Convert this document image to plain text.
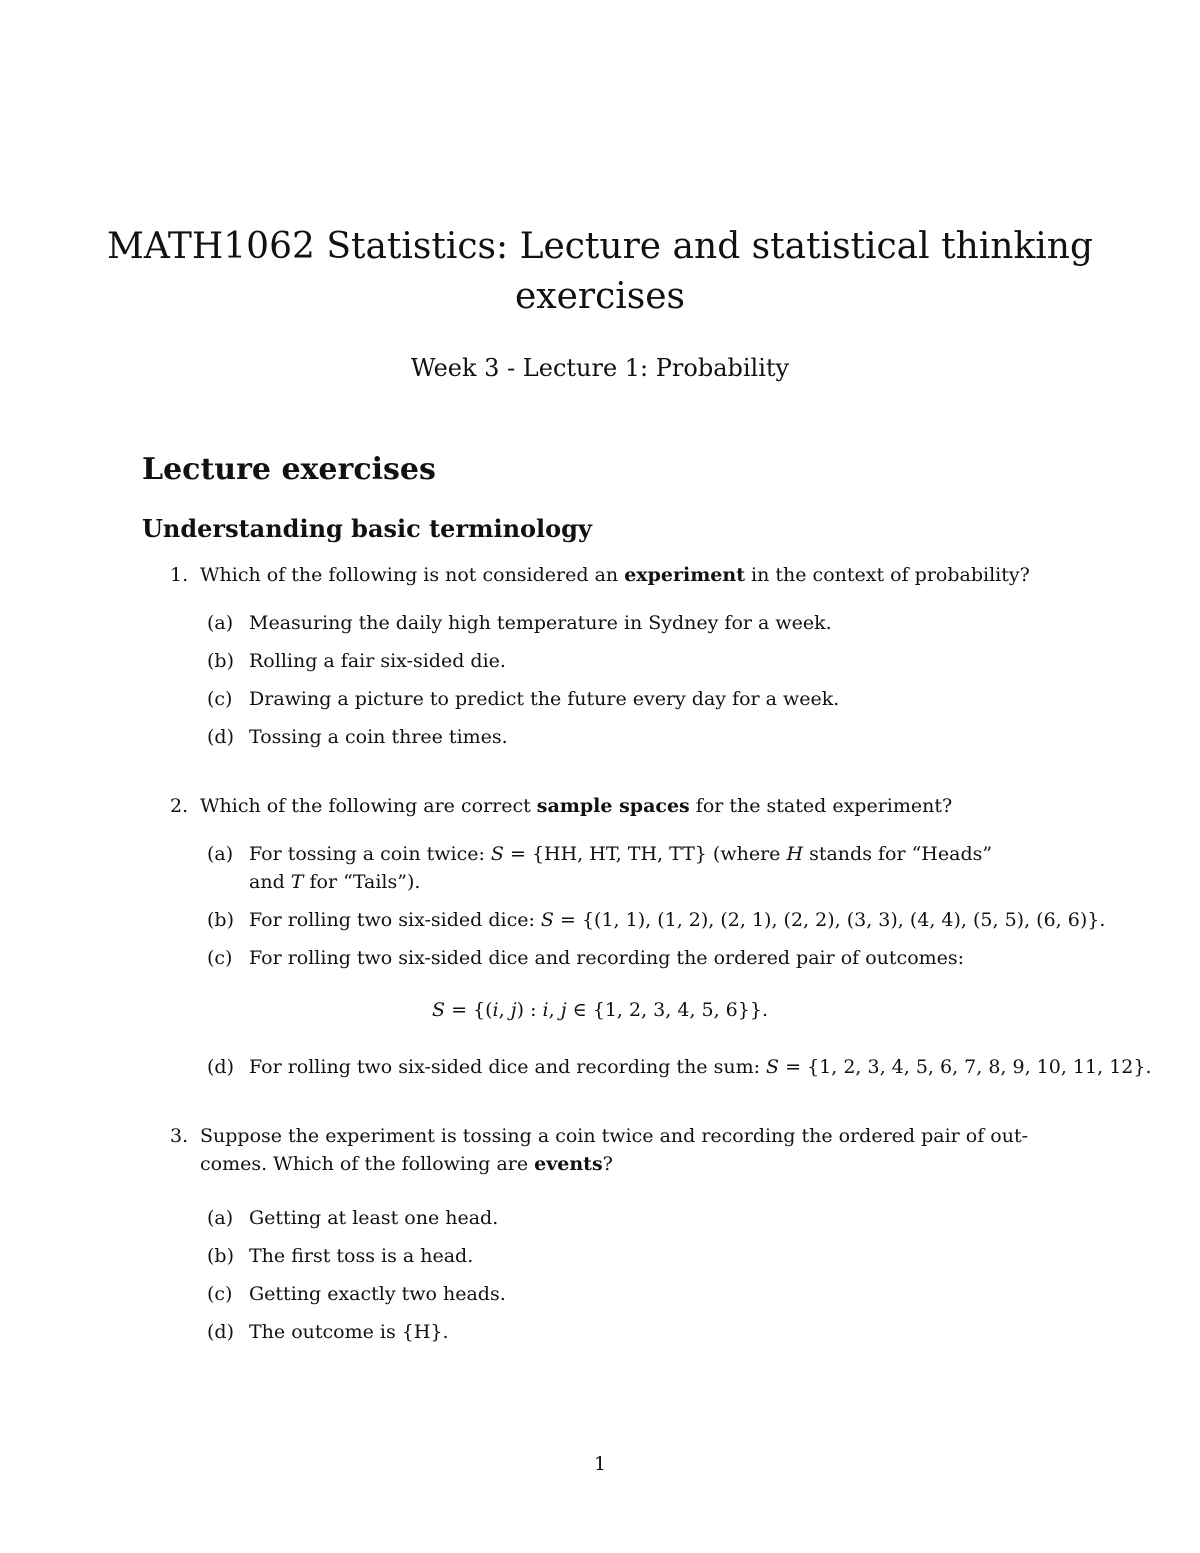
MATH1062 Statistics: Lecture and statistical thinking
exercises
Week 3 - Lecture 1: Probability
Lecture exercises
Understanding basic terminology
1. Which of the following is not considered an experiment in the context of probability?
(a) Measuring the daily high temperature in Sydney for a week.
(b) Rolling a fair six-sided die.
(c) Drawing a picture to predict the future every day for a week.
(d) Tossing a coin three times.
2. Which of the following are correct sample spaces for the stated experiment?
(a) For tossing a coin twice: S = {HH, HT, TH, TT} (where H stands for “Heads”
and T for “Tails”).
(b) For rolling two six-sided dice: S = {(1, 1), (1, 2), (2, 1), (2, 2), (3, 3), (4, 4), (5, 5), (6, 6)}.
(c) For rolling two six-sided dice and recording the ordered pair of outcomes:
S = {(i, j) : i, j ∈ {1, 2, 3, 4, 5, 6}}.
(d) For rolling two six-sided dice and recording the sum: S = {1, 2, 3, 4, 5, 6, 7, 8, 9, 10, 11, 12}.
3. Suppose the experiment is tossing a coin twice and recording the ordered pair of out-
comes. Which of the following are events?
(a) Getting at least one head.
(b) The first toss is a head.
(c) Getting exactly two heads.
(d) The outcome is {H}.
1
